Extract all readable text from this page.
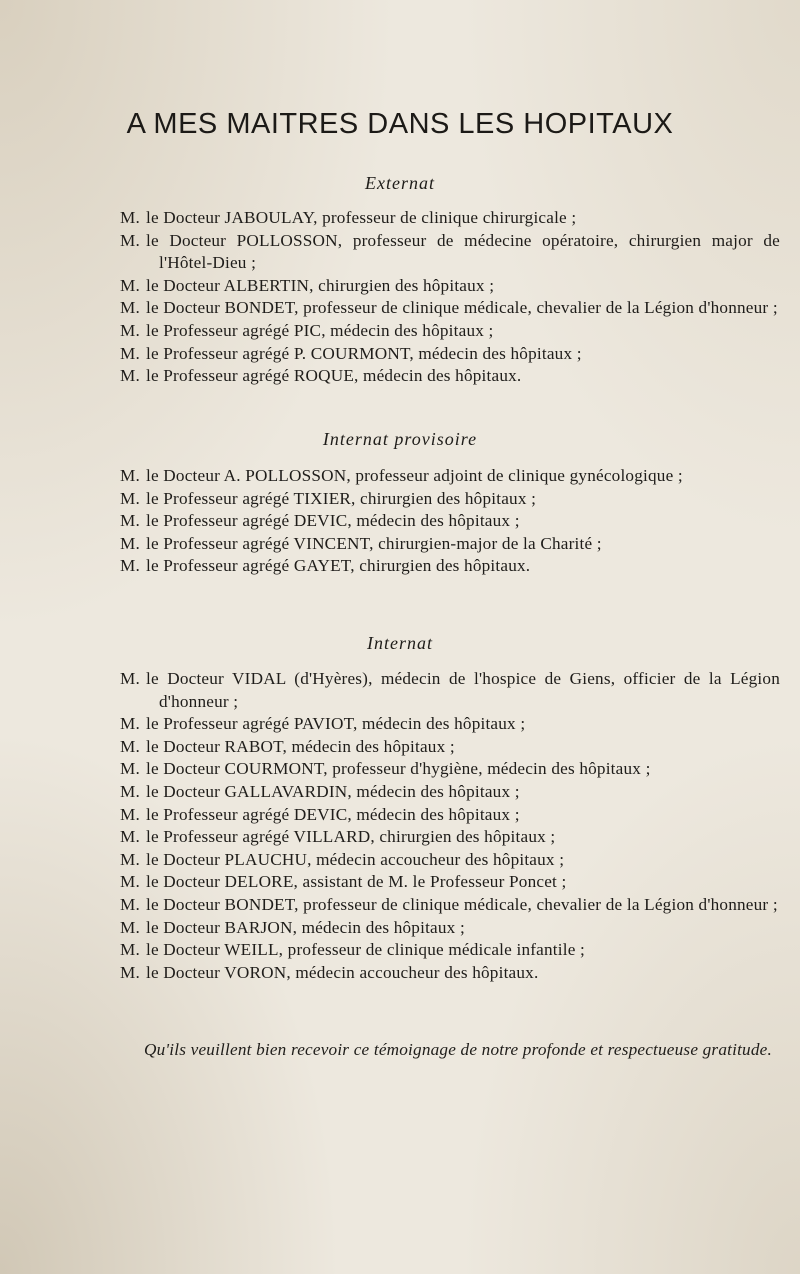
A MES MAITRES DANS LES HOPITAUX
Externat
M. le Docteur JABOULAY, professeur de clinique chirurgicale ;
M. le Docteur POLLOSSON, professeur de médecine opératoire, chirurgien major de l'Hôtel-Dieu ;
M. le Docteur ALBERTIN, chirurgien des hôpitaux ;
M. le Docteur BONDET, professeur de clinique médicale, chevalier de la Légion d'honneur ;
M. le Professeur agrégé PIC, médecin des hôpitaux ;
M. le Professeur agrégé P. COURMONT, médecin des hôpitaux ;
M. le Professeur agrégé ROQUE, médecin des hôpitaux.
Internat provisoire
M. le Docteur A. POLLOSSON, professeur adjoint de clinique gynécologique ;
M. le Professeur agrégé TIXIER, chirurgien des hôpitaux ;
M. le Professeur agrégé DEVIC, médecin des hôpitaux ;
M. le Professeur agrégé VINCENT, chirurgien-major de la Charité ;
M. le Professeur agrégé GAYET, chirurgien des hôpitaux.
Internat
M. le Docteur VIDAL (d'Hyères), médecin de l'hospice de Giens, officier de la Légion d'honneur ;
M. le Professeur agrégé PAVIOT, médecin des hôpitaux ;
M. le Docteur RABOT, médecin des hôpitaux ;
M. le Docteur COURMONT, professeur d'hygiène, médecin des hôpitaux ;
M. le Docteur GALLAVARDIN, médecin des hôpitaux ;
M. le Professeur agrégé DEVIC, médecin des hôpitaux ;
M. le Professeur agrégé VILLARD, chirurgien des hôpitaux ;
M. le Docteur PLAUCHU, médecin accoucheur des hôpitaux ;
M. le Docteur DELORE, assistant de M. le Professeur Poncet ;
M. le Docteur BONDET, professeur de clinique médicale, chevalier de la Légion d'honneur ;
M. le Docteur BARJON, médecin des hôpitaux ;
M. le Docteur WEILL, professeur de clinique médicale infantile ;
M. le Docteur VORON, médecin accoucheur des hôpitaux.

Qu'ils veuillent bien recevoir ce témoignage de notre profonde et respectueuse gratitude.
